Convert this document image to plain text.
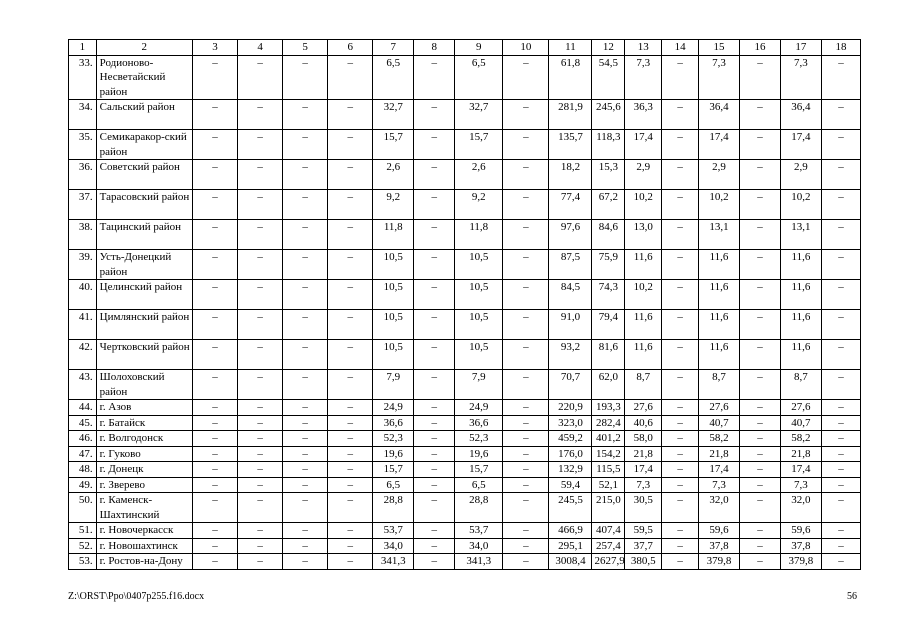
1	2	3	4	5	6	7	8	9	10	11	12	13	14	15	16	17	18
33.	Родионово-Несветайский район	–	–	–	–	6,5	–	6,5	–	61,8	54,5	7,3	–	7,3	–	7,3	–
34.	Сальский район	–	–	–	–	32,7	–	32,7	–	281,9	245,6	36,3	–	36,4	–	36,4	–
35.	Семикаракор-ский район	–	–	–	–	15,7	–	15,7	–	135,7	118,3	17,4	–	17,4	–	17,4	–
36.	Советский район	–	–	–	–	2,6	–	2,6	–	18,2	15,3	2,9	–	2,9	–	2,9	–
37.	Тарасовский район	–	–	–	–	9,2	–	9,2	–	77,4	67,2	10,2	–	10,2	–	10,2	–
38.	Тацинский район	–	–	–	–	11,8	–	11,8	–	97,6	84,6	13,0	–	13,1	–	13,1	–
39.	Усть-Донецкий район	–	–	–	–	10,5	–	10,5	–	87,5	75,9	11,6	–	11,6	–	11,6	–
40.	Целинский район	–	–	–	–	10,5	–	10,5	–	84,5	74,3	10,2	–	11,6	–	11,6	–
41.	Цимлянский район	–	–	–	–	10,5	–	10,5	–	91,0	79,4	11,6	–	11,6	–	11,6	–
42.	Чертковский район	–	–	–	–	10,5	–	10,5	–	93,2	81,6	11,6	–	11,6	–	11,6	–
43.	Шолоховский район	–	–	–	–	7,9	–	7,9	–	70,7	62,0	8,7	–	8,7	–	8,7	–
44.	г. Азов	–	–	–	–	24,9	–	24,9	–	220,9	193,3	27,6	–	27,6	–	27,6	–
45.	г. Батайск	–	–	–	–	36,6	–	36,6	–	323,0	282,4	40,6	–	40,7	–	40,7	–
46.	г. Волгодонск	–	–	–	–	52,3	–	52,3	–	459,2	401,2	58,0	–	58,2	–	58,2	–
47.	г. Гуково	–	–	–	–	19,6	–	19,6	–	176,0	154,2	21,8	–	21,8	–	21,8	–
48.	г. Донецк	–	–	–	–	15,7	–	15,7	–	132,9	115,5	17,4	–	17,4	–	17,4	–
49.	г. Зверево	–	–	–	–	6,5	–	6,5	–	59,4	52,1	7,3	–	7,3	–	7,3	–
50.	г. Каменск-Шахтинский	–	–	–	–	28,8	–	28,8	–	245,5	215,0	30,5	–	32,0	–	32,0	–
51.	г. Новочеркасск	–	–	–	–	53,7	–	53,7	–	466,9	407,4	59,5	–	59,6	–	59,6	–
52.	г. Новошахтинск	–	–	–	–	34,0	–	34,0	–	295,1	257,4	37,7	–	37,8	–	37,8	–
53.	г. Ростов-на-Дону	–	–	–	–	341,3	–	341,3	–	3008,4	2627,9	380,5	–	379,8	–	379,8	–
Z:\ORST\Ppo\0407p255.f16.docx	56
